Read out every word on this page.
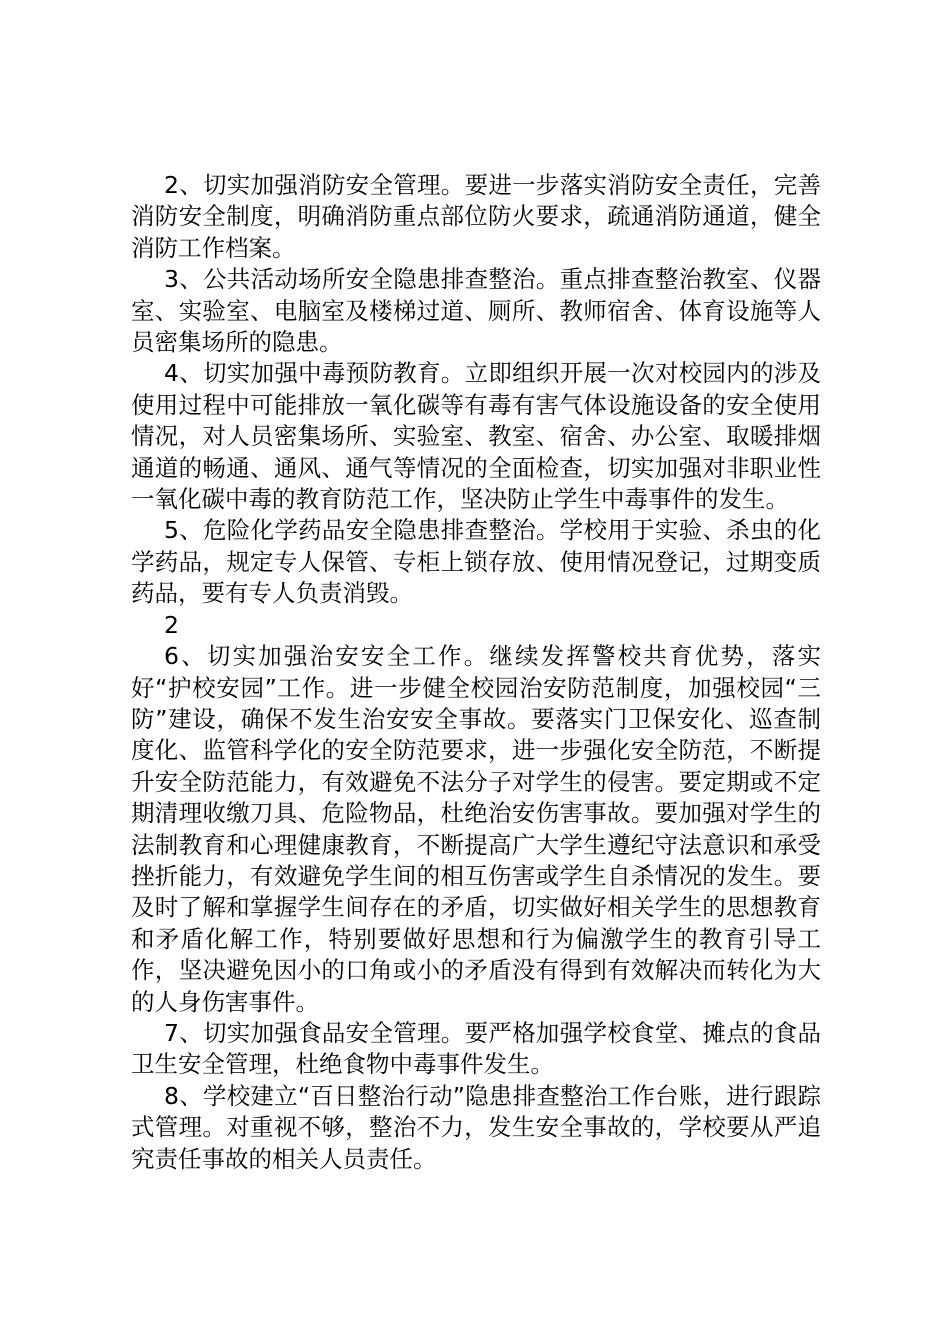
2、切实加强消防安全管理。要进一步落实消防安全责任，完善消防安全制度，明确消防重点部位防火要求，疏通消防通道，健全消防工作档案。

3、公共活动场所安全隐患排查整治。重点排查整治教室、仪器室、实验室、电脑室及楼梯过道、厕所、教师宿舍、体育设施等人员密集场所的隐患。

4、切实加强中毒预防教育。立即组织开展一次对校园内的涉及使用过程中可能排放一氧化碳等有毒有害气体设施设备的安全使用情况，对人员密集场所、实验室、教室、宿舍、办公室、取暖排烟通道的畅通、通风、通气等情况的全面检查，切实加强对非职业性一氧化碳中毒的教育防范工作，坚决防止学生中毒事件的发生。

5、危险化学药品安全隐患排查整治。学校用于实验、杀虫的化学药品，规定专人保管、专柜上锁存放、使用情况登记，过期变质药品，要有专人负责消毁。

2

6、切实加强治安安全工作。继续发挥警校共育优势，落实好“护校安园”工作。进一步健全校园治安防范制度，加强校园“三防”建设，确保不发生治安安全事故。要落实门卫保安化、巡查制度化、监管科学化的安全防范要求，进一步强化安全防范，不断提升安全防范能力，有效避免不法分子对学生的侵害。要定期或不定期清理收缴刀具、危险物品，杜绝治安伤害事故。要加强对学生的法制教育和心理健康教育，不断提高广大学生遵纪守法意识和承受挫折能力，有效避免学生间的相互伤害或学生自杀情况的发生。要及时了解和掌握学生间存在的矛盾，切实做好相关学生的思想教育和矛盾化解工作，特别要做好思想和行为偏激学生的教育引导工作，坚决避免因小的口角或小的矛盾没有得到有效解决而转化为大的人身伤害事件。

7、切实加强食品安全管理。要严格加强学校食堂、摊点的食品卫生安全管理，杜绝食物中毒事件发生。

8、学校建立“百日整治行动”隐患排查整治工作台账，进行跟踪式管理。对重视不够，整治不力，发生安全事故的，学校要从严追究责任事故的相关人员责任。
